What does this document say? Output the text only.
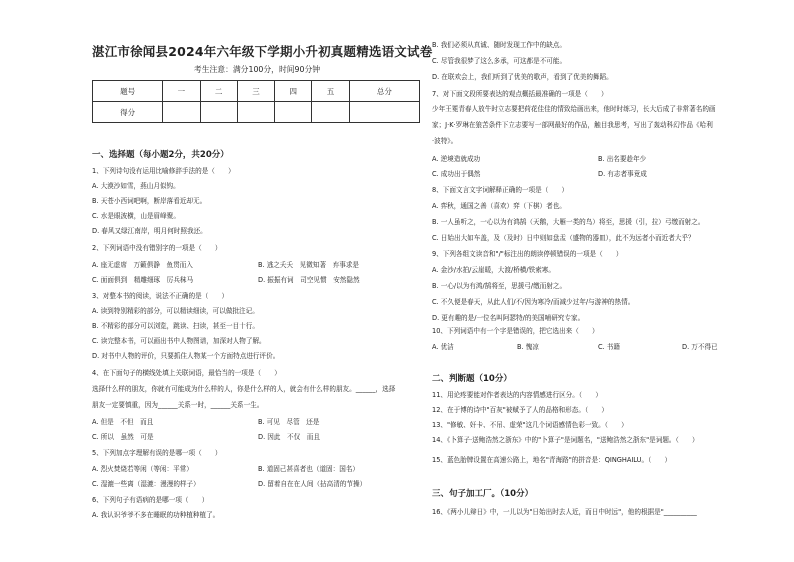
湛江市徐闻县2024年六年级下学期小升初真题精选语文试卷
考生注意：满分100分，时间90分钟
题号	一	二	三	四	五	总分
得分						
一、选择题（每小题2分，共20分）
1、下列诗句没有运用比喻修辞手法的是（　　）
A. 大漠沙如雪，燕山月似钩。
B. 天苍小西词吧啊，断岸落看近却无。
C. 水是眼波横，山是眉峰聚。
D. 春风又绿江南岸，明月何时照我还。
2、下列词语中没有错别字的一项是（　　）
A. 座无虚席　万籁俱静　鱼贯而入	B. 逃之夭夭　见微知著　弃事求是
C. 面面俱到　精雕细琢　厉兵秣马	D. 振振有词　司空见惯　安然隐然
3、对整本书的阅读，说法不正确的是（　　）
A. 读到特别精彩的部分，可以精读细读，可以做批注记。
B. 不精彩的部分可以浏览，跳读、扫读，甚至一目十行。
C. 读完整本书，可以画出书中人物图谱，加深对人物了解。
D. 对书中人物的评价，只要抓住人物某一个方面特点进行评价。
4、在下面句子的横线处填上关联词语，最恰当的一项是（　　）
选择什么样的朋友，你就有可能成为什么样的人，你是什么样的人，就会有什么样的朋友。______，选择
朋友一定要慎重，因为______关系一时，______关系一生。
A. 但是　不但　而且	B. 可见　尽管　还是
C. 所以　虽然　可是	D. 因此　不仅　而且
5、下列加点字理解有误的是哪一项（　　）
A. 烈火焚烧若等闲（等闲：平常）	B. 道固己甚喜者也（道固：国名）
C. 湿漉一些离（湿漉：漫漫的样子）	D. 留着自在在人间（拈高清的节操）
6、下列句子有语病的是哪一项（　　）
A. 我认识爷爷不多在睡眠的功种植种植了。
B. 我们必须从真诚、随时发现工作中的缺点。
C. 尽管我很梦了这么多承，可这都是不可能。
D. 在联欢会上，我们听到了优美的歌声，看到了优美的舞蹈。
7、对下面文段所要表达的观点概括最准确的一项是（　　）
少年王冕青春人放牛时立志要把荷花佳佳的情致给画出来，他时时练习，长大后成了非常著名的画
家；J·K·罗琳在狼苦条件下立志要写一部网最好的作品，触目我思考，写出了轰动科幻作品《哈利
·波特》。
A. 逆境造就成功	B. 出名要趁年少
C. 成功出于偶然	D. 有志者事竟成
8、下面文言文字词解释正确的一项是（　　）
A. 弈秋，通国之善（喜欢）弈（下棋）者也。
B. 一人虽听之，一心以为有鸿鹄（天鹅，大雁一类的鸟）将至，思援（引，拉）弓缴而射之。
C. 日始出大如车盖，及（及时）日中则如盘盂（盛物的器皿），此不为远者小而近者大乎？
9、下列各组文读音和"/"标注出的朗读停顿错误的一项是（　　）
A. 金沙/水拍/云崖暖，大渡/桥横/铁索寒。
B. 一心/以为有鸿/鹄将至，思援弓/缴而射之。
C. 不久便是春天，从此人们/不/因为寒冷/而减少过年/与游神的热情。
D. 更有趣的是/一位名叫阿瑟特/的美国哺研究专家。
10、下列词语中有一个字是错误的，把它选出来（　　）
A. 优洁	B. 愧凉	C. 书籍	D. 万不得已
二、判断题（10分）
11、用论疼要能对作者表达的内容情感进行区分。（　　）
12、在于博的诗中"百灰"被赋予了人的品格和形态。（　　）
13、"修敏、奸卡、不吊、虚荣"这几个词语感情色彩一致。（　　）
14、《卜算子·送鲍浩然之浙东》中的"卜算子"是词题名，"送鲍浩然之浙东"是词题。（　　）
15、蓝色胎牌设置在高速公路上，地名"青海路"的拼音是：QINGHAILU。（　　）
三、句子加工厂。（10分）
16、《两小儿辩日》中，一儿以为"日始出时去人近，而日中时远"，他的根据是"__________
